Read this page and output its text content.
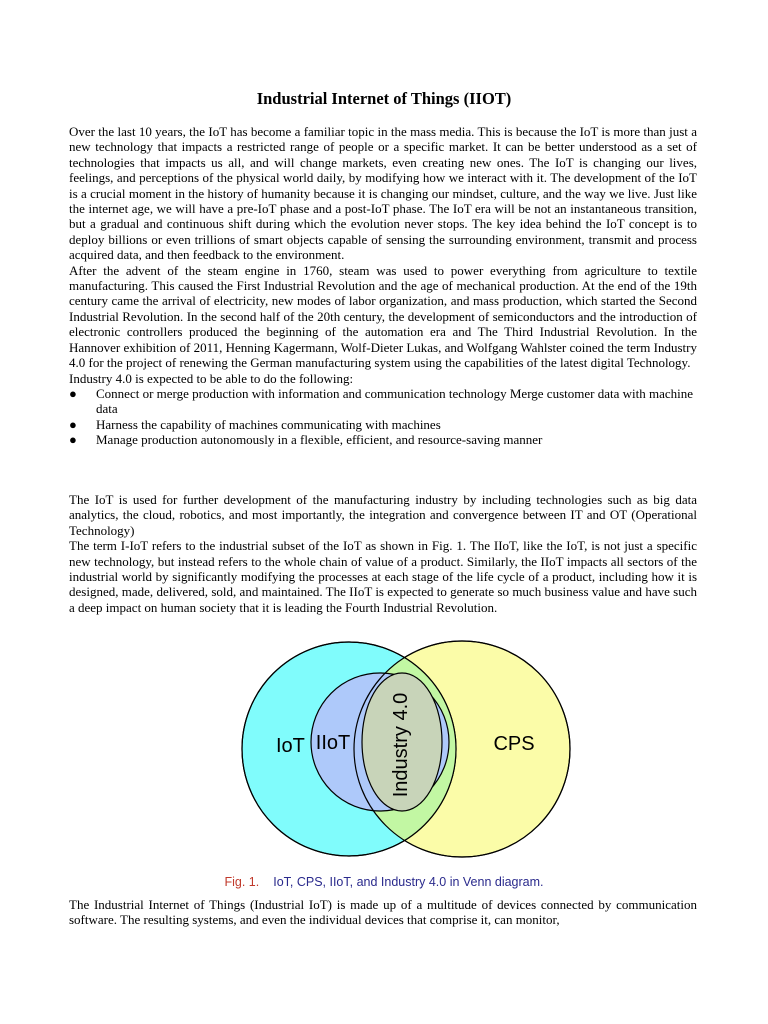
Industrial Internet of Things (IIOT)

Over the last 10 years, the IoT has become a familiar topic in the mass media. This is because the IoT is more than just a new technology that impacts a restricted range of people or a specific market. It can be better understood as a set of technologies that impacts us all, and will change markets, even creating new ones. The IoT is changing our lives, feelings, and perceptions of the physical world daily, by modifying how we interact with it. The development of the IoT is a crucial moment in the history of humanity because it is changing our mindset, culture, and the way we live. Just like the internet age, we will have a pre-IoT phase and a post-IoT phase. The IoT era will be not an instantaneous transition, but a gradual and continuous shift during which the evolution never stops. The key idea behind the IoT concept is to deploy billions or even trillions of smart objects capable of sensing the surrounding environment, transmit and process acquired data, and then feedback to the environment.

After the advent of the steam engine in 1760, steam was used to power everything from agriculture to textile manufacturing. This caused the First Industrial Revolution and the age of mechanical production. At the end of the 19th century came the arrival of electricity, new modes of labor organization, and mass production, which started the Second Industrial Revolution. In the second half of the 20th century, the development of semiconductors and the introduction of electronic controllers produced the beginning of the automation era and The Third Industrial Revolution. In the Hannover exhibition of 2011, Henning Kagermann, Wolf-Dieter Lukas, and Wolfgang Wahlster coined the term Industry 4.0 for the project of renewing the German manufacturing system using the capabilities of the latest digital Technology.

Industry 4.0 is expected to be able to do the following:

● Connect or merge production with information and communication technology Merge customer data with machine data
● Harness the capability of machines communicating with machines
● Manage production autonomously in a flexible, efficient, and resource-saving manner

The IoT is used for further development of the manufacturing industry by including technologies such as big data analytics, the cloud, robotics, and most importantly, the integration and convergence between IT and OT (Operational Technology)

The term I-IoT refers to the industrial subset of the IoT as shown in Fig. 1. The IIoT, like the IoT, is not just a specific new technology, but instead refers to the whole chain of value of a product. Similarly, the IIoT impacts all sectors of the industrial world by significantly modifying the processes at each stage of the life cycle of a product, including how it is designed, made, delivered, sold, and maintained. The IIoT is expected to generate so much business value and have such a deep impact on human society that it is leading the Fourth Industrial Revolution.

IoT IIoT Industry 4.0	CPS

Fig. 1. IoT, CPS, IIoT, and Industry 4.0 in Venn diagram.

The Industrial Internet of Things (Industrial IoT) is made up of a multitude of devices connected by communication software. The resulting systems, and even the individual devices that comprise it, can monitor,
